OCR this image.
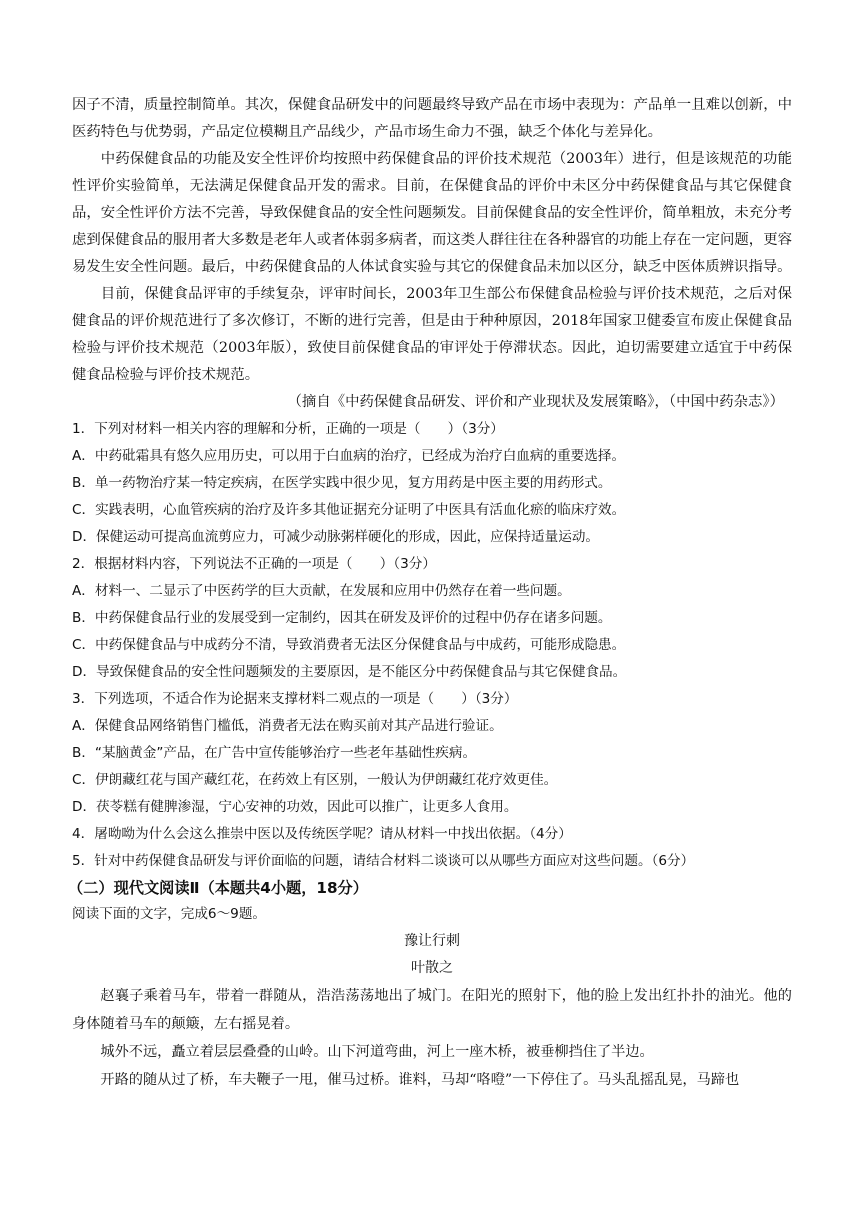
因子不清，质量控制简单。其次，保健食品研发中的问题最终导致产品在市场中表现为：产品单一且难以创新，中医药特色与优势弱，产品定位模糊且产品线少，产品市场生命力不强，缺乏个体化与差异化。

中药保健食品的功能及安全性评价均按照中药保健食品的评价技术规范（2003年）进行，但是该规范的功能性评价实验简单，无法满足保健食品开发的需求。目前，在保健食品的评价中未区分中药保健食品与其它保健食品，安全性评价方法不完善，导致保健食品的安全性问题频发。目前保健食品的安全性评价，简单粗放，未充分考虑到保健食品的服用者大多数是老年人或者体弱多病者，而这类人群往往在各种器官的功能上存在一定问题，更容易发生安全性问题。最后，中药保健食品的人体试食实验与其它的保健食品未加以区分，缺乏中医体质辨识指导。

目前，保健食品评审的手续复杂，评审时间长，2003年卫生部公布保健食品检验与评价技术规范，之后对保健食品的评价规范进行了多次修订，不断的进行完善，但是由于种种原因，2018年国家卫健委宣布废止保健食品检验与评价技术规范（2003年版），致使目前保健食品的审评处于停滞状态。因此，迫切需要建立适宜于中药保健食品检验与评价技术规范。

（摘自《中药保健食品研发、评价和产业现状及发展策略》，（中国中药杂志》）

1．下列对材料一相关内容的理解和分析，正确的一项是（　　）（3分）

A．中药砒霜具有悠久应用历史，可以用于白血病的治疗，已经成为治疗白血病的重要选择。

B．单一药物治疗某一特定疾病，在医学实践中很少见，复方用药是中医主要的用药形式。

C．实践表明，心血管疾病的治疗及许多其他证据充分证明了中医具有活血化瘀的临床疗效。

D．保健运动可提高血流剪应力，可减少动脉粥样硬化的形成，因此，应保持适量运动。

2．根据材料内容，下列说法不正确的一项是（　　）（3分）

A．材料一、二显示了中医药学的巨大贡献，在发展和应用中仍然存在着一些问题。

B．中药保健食品行业的发展受到一定制约，因其在研发及评价的过程中仍存在诸多问题。

C．中药保健食品与中成药分不清，导致消费者无法区分保健食品与中成药，可能形成隐患。

D．导致保健食品的安全性问题频发的主要原因，是不能区分中药保健食品与其它保健食品。

3．下列选项，不适合作为论据来支撑材料二观点的一项是（　　）（3分）

A．保健食品网络销售门槛低，消费者无法在购买前对其产品进行验证。

B．“某脑黄金”产品，在广告中宣传能够治疗一些老年基础性疾病。

C．伊朗藏红花与国产藏红花，在药效上有区别，一般认为伊朗藏红花疗效更佳。

D．茯苓糕有健脾渗湿，宁心安神的功效，因此可以推广，让更多人食用。

4．屠呦呦为什么会这么推崇中医以及传统医学呢？请从材料一中找出依据。（4分）

5．针对中药保健食品研发与评价面临的问题，请结合材料二谈谈可以从哪些方面应对这些问题。（6分）

（二）现代文阅读Ⅱ（本题共4小题，18分）

阅读下面的文字，完成6～9题。

豫让行刺

叶散之

赵襄子乘着马车，带着一群随从，浩浩荡荡地出了城门。在阳光的照射下，他的脸上发出红扑扑的油光。他的身体随着马车的颠簸，左右摇晃着。

城外不远，矗立着层层叠叠的山岭。山下河道弯曲，河上一座木桥，被垂柳挡住了半边。

开路的随从过了桥，车夫鞭子一甩，催马过桥。谁料，马却“咯噔”一下停住了。马头乱摇乱晃，马蹄也
